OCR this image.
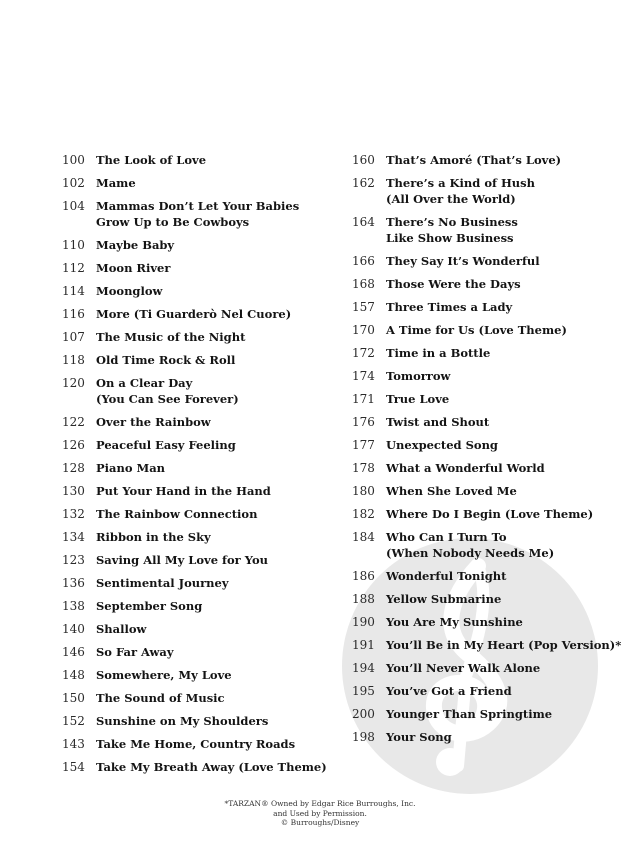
100 The Look of Love
102 Mame
104 Mammas Don’t Let Your Babies
Grow Up to Be Cowboys
110 Maybe Baby
112 Moon River
114 Moonglow
116 More (Ti Guarderò Nel Cuore)
107 The Music of the Night
118 Old Time Rock & Roll
120 On a Clear Day
(You Can See Forever)
122 Over the Rainbow
126 Peaceful Easy Feeling
128 Piano Man
130 Put Your Hand in the Hand
132 The Rainbow Connection
134 Ribbon in the Sky
123 Saving All My Love for You
136 Sentimental Journey
138 September Song
140 Shallow
146 So Far Away
148 Somewhere, My Love
150 The Sound of Music
152 Sunshine on My Shoulders
143 Take Me Home, Country Roads
154 Take My Breath Away (Love Theme)
160 That’s Amoré (That’s Love)
162 There’s a Kind of Hush
(All Over the World)
164 There’s No Business
Like Show Business
166 They Say It’s Wonderful
168 Those Were the Days
157 Three Times a Lady
170 A Time for Us (Love Theme)
172 Time in a Bottle
174 Tomorrow
171 True Love
176 Twist and Shout
177 Unexpected Song
178 What a Wonderful World
180 When She Loved Me
182 Where Do I Begin (Love Theme)
184 Who Can I Turn To
(When Nobody Needs Me)
186 Wonderful Tonight
188 Yellow Submarine
190 You Are My Sunshine
191 You’ll Be in My Heart (Pop Version)*
194 You’ll Never Walk Alone
195 You’ve Got a Friend
200 Younger Than Springtime
198 Your Song
*TARZAN® Owned by Edgar Rice Burroughs, Inc.
and Used by Permission.
© Burroughs/Disney
